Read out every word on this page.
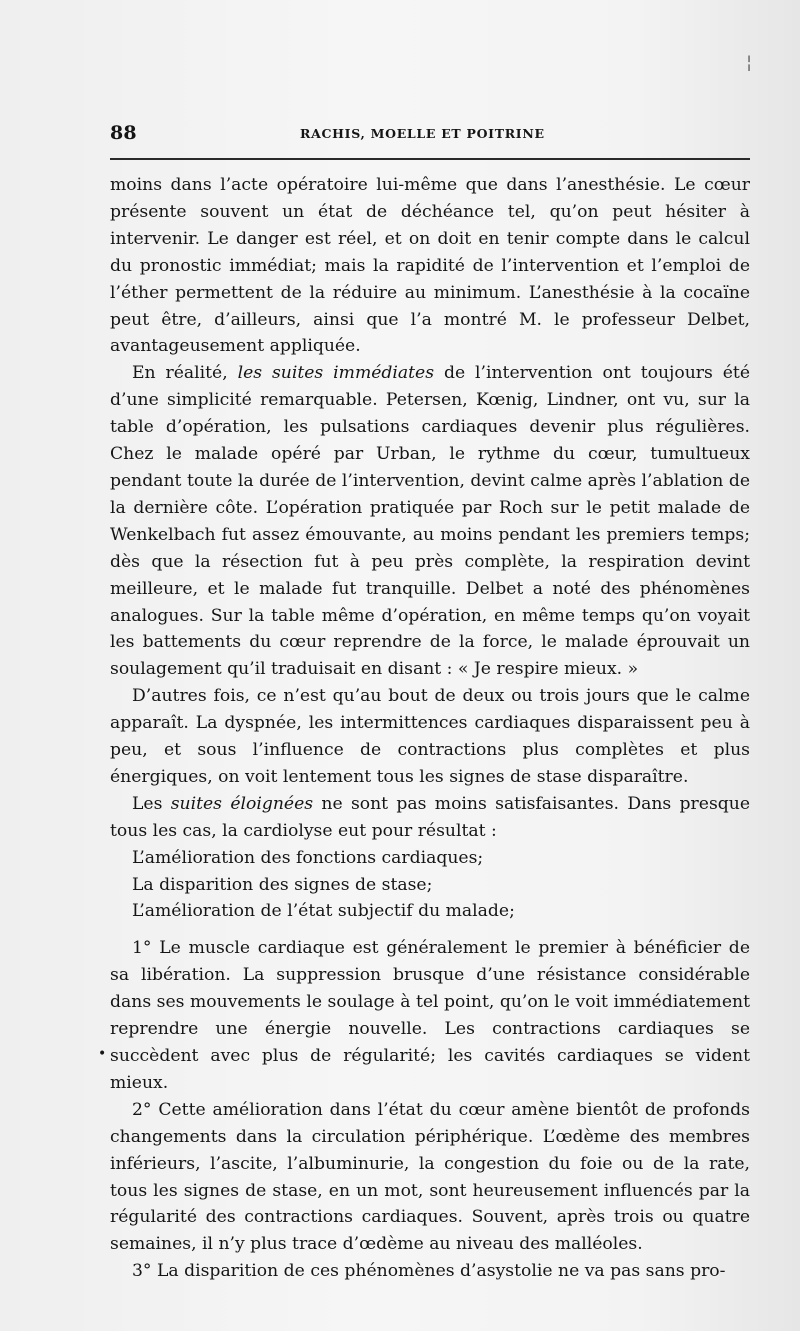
¦
88	RACHIS, MOELLE ET POITRINE

moins dans l’acte opératoire lui-même que dans l’anesthésie. Le cœur présente souvent un état de déchéance tel, qu’on peut hésiter à intervenir. Le danger est réel, et on doit en tenir compte dans le calcul du pronostic immédiat; mais la rapidité de l’intervention et l’emploi de l’éther permettent de la réduire au minimum. L’anesthésie à la cocaïne peut être, d’ailleurs, ainsi que l’a montré M. le professeur Delbet, avantageusement appliquée.

En réalité, les suites immédiates de l’intervention ont toujours été d’une simplicité remarquable. Petersen, Kœnig, Lindner, ont vu, sur la table d’opération, les pulsations cardiaques devenir plus régulières. Chez le malade opéré par Urban, le rythme du cœur, tumultueux pendant toute la durée de l’intervention, devint calme après l’ablation de la dernière côte. L’opération pratiquée par Roch sur le petit malade de Wenkelbach fut assez émouvante, au moins pendant les premiers temps; dès que la résection fut à peu près complète, la respiration devint meilleure, et le malade fut tranquille. Delbet a noté des phénomènes analogues. Sur la table même d’opération, en même temps qu’on voyait les battements du cœur reprendre de la force, le malade éprouvait un soulagement qu’il traduisait en disant : « Je respire mieux. »

D’autres fois, ce n’est qu’au bout de deux ou trois jours que le calme apparaît. La dyspnée, les intermittences cardiaques disparaissent peu à peu, et sous l’influence de contractions plus complètes et plus énergiques, on voit lentement tous les signes de stase disparaître.

Les suites éloignées ne sont pas moins satisfaisantes. Dans presque tous les cas, la cardiolyse eut pour résultat :

L’amélioration des fonctions cardiaques;

La disparition des signes de stase;

L’amélioration de l’état subjectif du malade;

1° Le muscle cardiaque est généralement le premier à bénéficier de sa libération. La suppression brusque d’une résistance considérable dans ses mouvements le soulage à tel point, qu’on le voit immédiatement reprendre une énergie nouvelle. Les contractions cardiaques se succèdent avec plus de régularité; les cavités cardiaques se vident mieux.

2° Cette amélioration dans l’état du cœur amène bientôt de profonds changements dans la circulation périphérique. L’œdème des membres inférieurs, l’ascite, l’albuminurie, la congestion du foie ou de la rate, tous les signes de stase, en un mot, sont heureusement influencés par la régularité des contractions cardiaques. Souvent, après trois ou quatre semaines, il n’y plus trace d’œdème au niveau des malléoles.

3° La disparition de ces phénomènes d’asystolie ne va pas sans pro-

•
